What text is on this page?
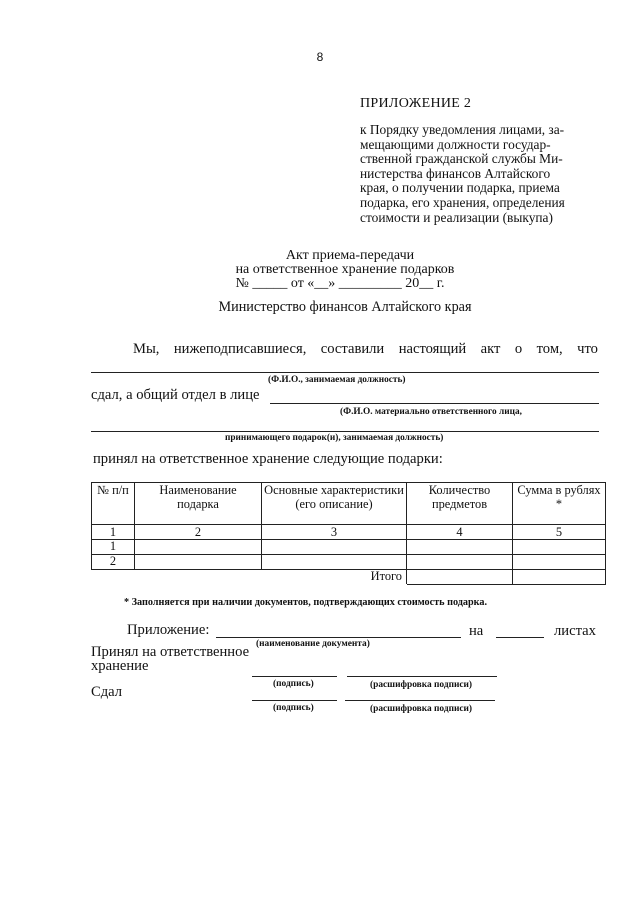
8
ПРИЛОЖЕНИЕ 2
к Порядку уведомления лицами, за-
мещающими должности государ-
ственной гражданской службы Ми-
нистерства финансов Алтайского
края, о получении подарка, приема
подарка, его хранения, определения
стоимости и реализации (выкупа)
Акт приема-передачи
на ответственное хранение подарков
№ _____ от «__» _________ 20__ г.
Министерство финансов Алтайского края
Мы, нижеподписавшиеся, составили настоящий акт о том, что
(Ф.И.О., занимаемая должность)
сдал, а общий отдел в лице
(Ф.И.О. материально ответственного лица,
принимающего подарок(и), занимаемая должность)
принял на ответственное хранение следующие подарки:
№ п/п	Наименование подарка	Основные характеристики (его описание)	Количество предметов	Сумма в рублях *
1	2	3	4	5
1				
2				
Итого				
* Заполняется при наличии документов, подтверждающих стоимость подарка.
Приложение:	на	листах
(наименование документа)
Принял на ответственное
хранение
(подпись)	(расшифровка подписи)
Сдал
(подпись)	(расшифровка подписи)
